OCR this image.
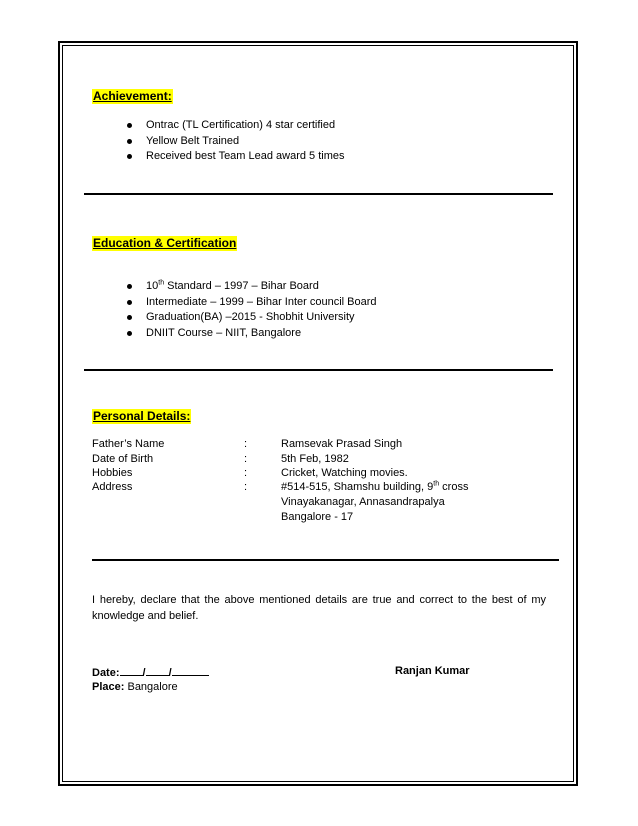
Achievement:
Ontrac (TL Certification) 4 star certified
Yellow Belt Trained
Received best Team Lead award 5 times
Education & Certification
10th Standard – 1997 – Bihar Board
Intermediate – 1999 – Bihar Inter council Board
Graduation(BA) –2015 - Shobhit University
DNIIT Course – NIIT, Bangalore
Personal Details:
Father’s Name	:	Ramsevak Prasad Singh
Date of Birth	:	5th Feb, 1982
Hobbies	:	Cricket, Watching movies.
Address	:	#514-515, Shamshu building, 9th cross
Vinayakanagar, Annasandrapalya
Bangalore - 17
I hereby, declare that the above mentioned details are true and correct to the best of my knowledge and belief.
Date: / /	Ranjan Kumar
Place: Bangalore
